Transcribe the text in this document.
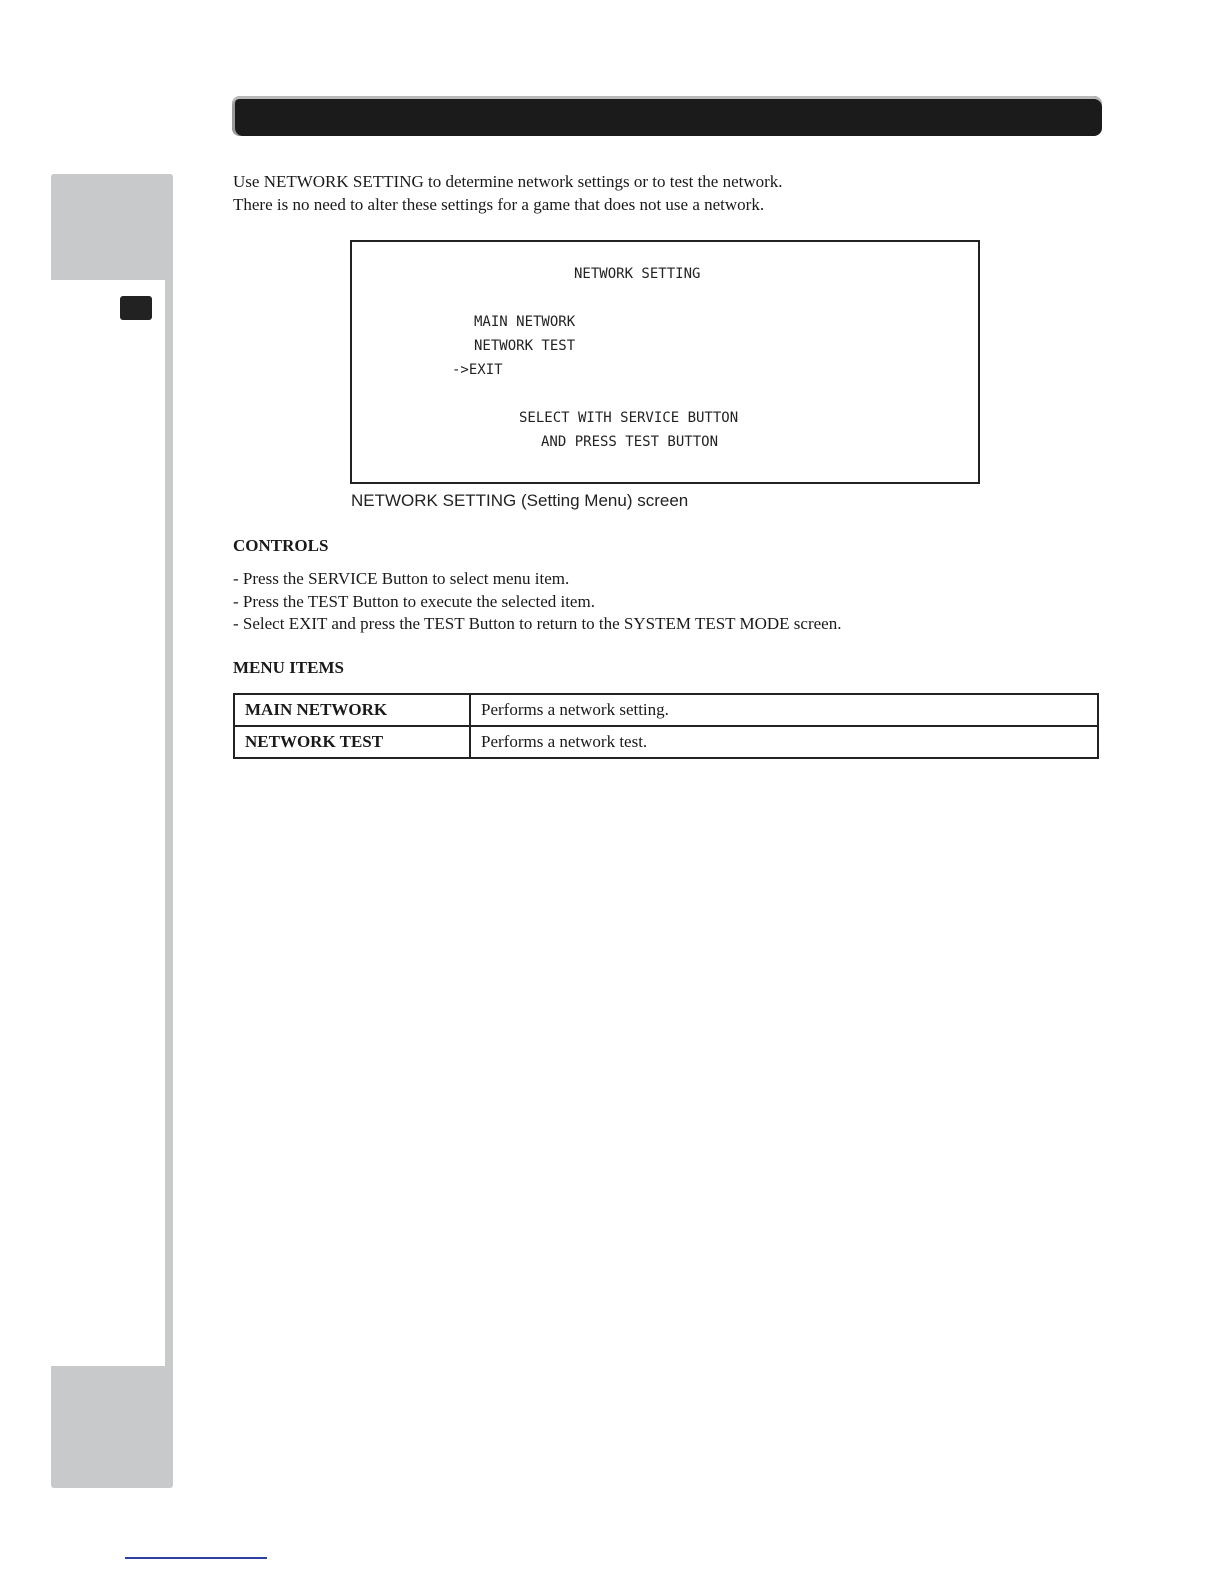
Use NETWORK SETTING to determine network settings or to test the network.

There is no need to alter these settings for a game that does not use a network.

NETWORK SETTING
MAIN NETWORK
NETWORK TEST
->EXIT
SELECT WITH SERVICE BUTTON
AND PRESS TEST BUTTON
NETWORK SETTING (Setting Menu) screen
CONTROLS
- Press the SERVICE Button to select menu item.
- Press the TEST Button to execute the selected item.
- Select EXIT and press the TEST Button to return to the SYSTEM TEST MODE screen.
MENU ITEMS
MAIN NETWORK	Performs a network setting.
NETWORK TEST	Performs a network test.
